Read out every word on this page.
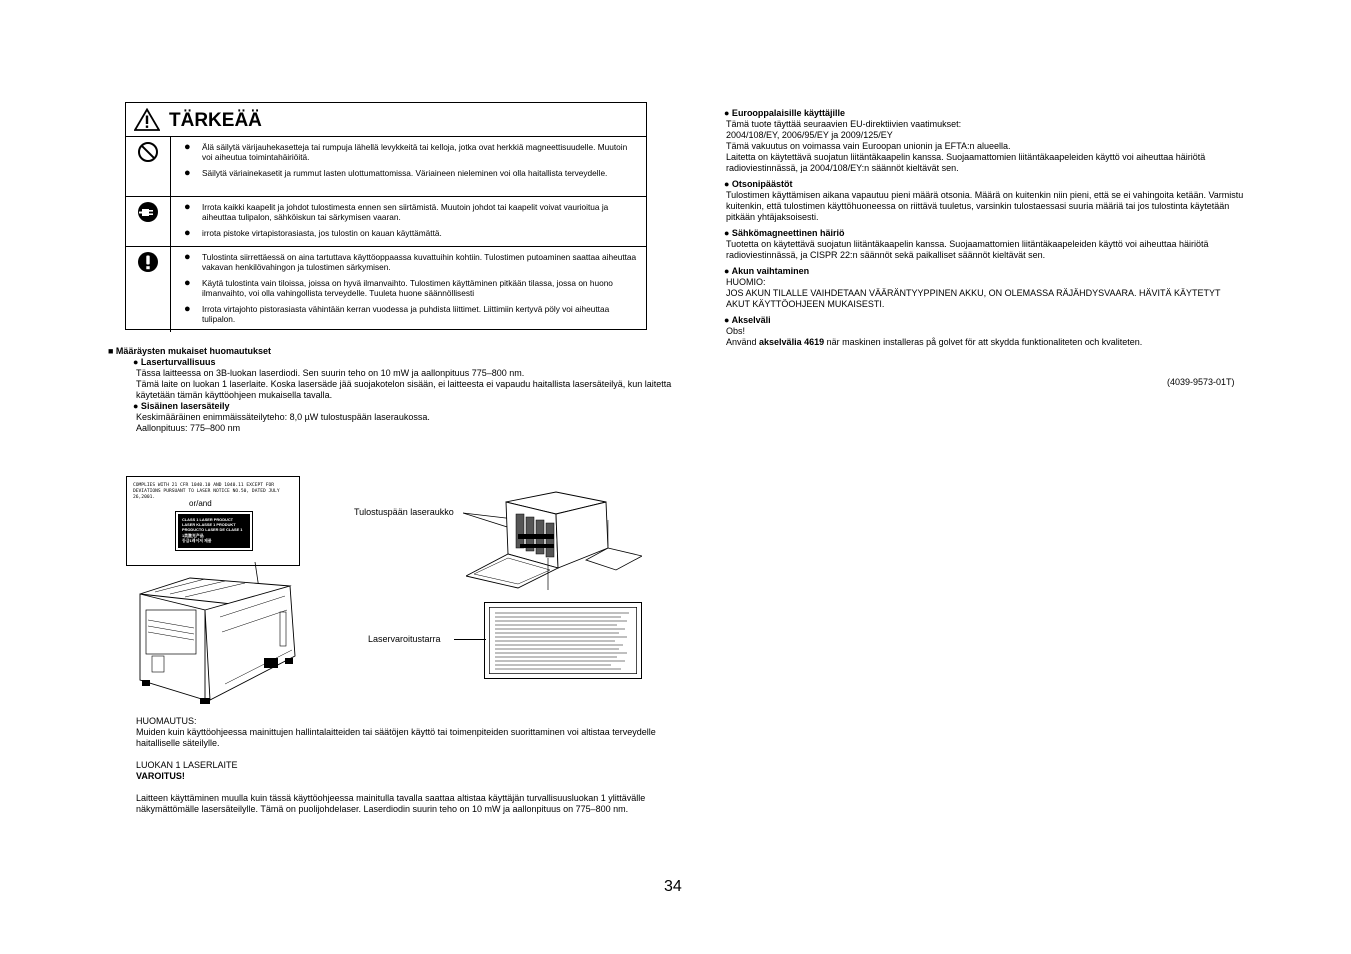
TÄRKEÄÄ
● Älä säilytä värijauhekasetteja tai rumpuja lähellä levykkeitä tai kelloja, jotka ovat herkkiä magneettisuudelle. Muutoin voi aiheutua toimintahäiriöitä.
● Säilytä väriainekasetit ja rummut lasten ulottumattomissa. Väriaineen nieleminen voi olla haitallista terveydelle.
● Irrota kaikki kaapelit ja johdot tulostimesta ennen sen siirtämistä. Muutoin johdot tai kaapelit voivat vaurioitua ja aiheuttaa tulipalon, sähköiskun tai särkymisen vaaran.
● irrota pistoke virtapistorasiasta, jos tulostin on kauan käyttämättä.
● Tulostinta siirrettäessä on aina tartuttava käyttöoppaassa kuvattuihin kohtiin. Tulostimen putoaminen saattaa aiheuttaa vakavan henkilövahingon ja tulostimen särkymisen.
● Käytä tulostinta vain tiloissa, joissa on hyvä ilmanvaihto. Tulostimen käyttäminen pitkään tilassa, jossa on huono ilmanvaihto, voi olla vahingollista terveydelle. Tuuleta huone säännöllisesti
● Irrota virtajohto pistorasiasta vähintään kerran vuodessa ja puhdista liittimet. Liittimiin kertyvä pöly voi aiheuttaa tulipalon.

■ Määräysten mukaiset huomautukset

● Laserturvallisuus

Tässa laitteessa on 3B-luokan laserdiodi. Sen suurin teho on 10 mW ja aallonpituus 775–800 nm.

Tämä laite on luokan 1 laserlaite. Koska lasersäde jää suojakotelon sisään, ei laitteesta ei vapaudu haitallista lasersäteilyä, kun laitetta käytetään tämän käyttöohjeen mukaisella tavalla.

● Sisäinen lasersäteily

Keskimääräinen enimmäissäteilyteho: 8,0 µW tulostuspään laseraukossa.

Aallonpituus: 775–800 nm

COMPLIES WITH 21 CFR 1040.10 AND 1040.11 EXCEPT FOR
DEVIATIONS PURSUANT TO LASER NOTICE NO.50, DATED JULY 26,2001.
or/and
CLASS 1 LASER PRODUCT
LASER KLASSE 1 PRODUKT
PRODUCTO LASER DE CLASE 1
1类激光产品
등급1레이저 제품
Tulostuspään laseraukko
Laservaroitustarra

HUOMAUTUS:

Muiden kuin käyttöohjeessa mainittujen hallintalaitteiden tai säätöjen käyttö tai toimenpiteiden suorittaminen voi altistaa terveydelle haitalliselle säteilylle.

LUOKAN 1 LASERLAITE

VAROITUS!

Laitteen käyttäminen muulla kuin tässä käyttöohjeessa mainitulla tavalla saattaa altistaa käyttäjän turvallisuusluokan 1 ylittävälle näkymättömälle lasersäteilylle. Tämä on puolijohdelaser. Laserdiodin suurin teho on 10 mW ja aallonpituus on 775–800 nm.

● Eurooppalaisille käyttäjille

Tämä tuote täyttää seuraavien EU-direktiivien vaatimukset:

2004/108/EY, 2006/95/EY ja 2009/125/EY

Tämä vakuutus on voimassa vain Euroopan unionin ja EFTA:n alueella.

Laitetta on käytettävä suojatun liitäntäkaapelin kanssa. Suojaamattomien liitäntäkaapeleiden käyttö voi aiheuttaa häiriötä radioviestinnässä, ja 2004/108/EY:n säännöt kieltävät sen.

● Otsonipäästöt

Tulostimen käyttämisen aikana vapautuu pieni määrä otsonia. Määrä on kuitenkin niin pieni, että se ei vahingoita ketään. Varmistu kuitenkin, että tulostimen käyttöhuoneessa on riittävä tuuletus, varsinkin tulostaessasi suuria määriä tai jos tulostinta käytetään pitkään yhtäjaksoisesti.

● Sähkömagneettinen häiriö

Tuotetta on käytettävä suojatun liitäntäkaapelin kanssa. Suojaamattomien liitäntäkaapeleiden käyttö voi aiheuttaa häiriötä radioviestinnässä, ja CISPR 22:n säännöt sekä paikalliset säännöt kieltävät sen.

● Akun vaihtaminen

HUOMIO:

JOS AKUN TILALLE VAIHDETAAN VÄÄRÄNTYYPPINEN AKKU, ON OLEMASSA RÄJÄHDYSVAARA. HÄVITÄ KÄYTETYT AKUT KÄYTTÖOHJEEN MUKAISESTI.

● Akselväli

Obs!

Använd akselvälia 4619 när maskinen installeras på golvet för att skydda funktionaliteten och kvaliteten.

(4039-9573-01T)
34
